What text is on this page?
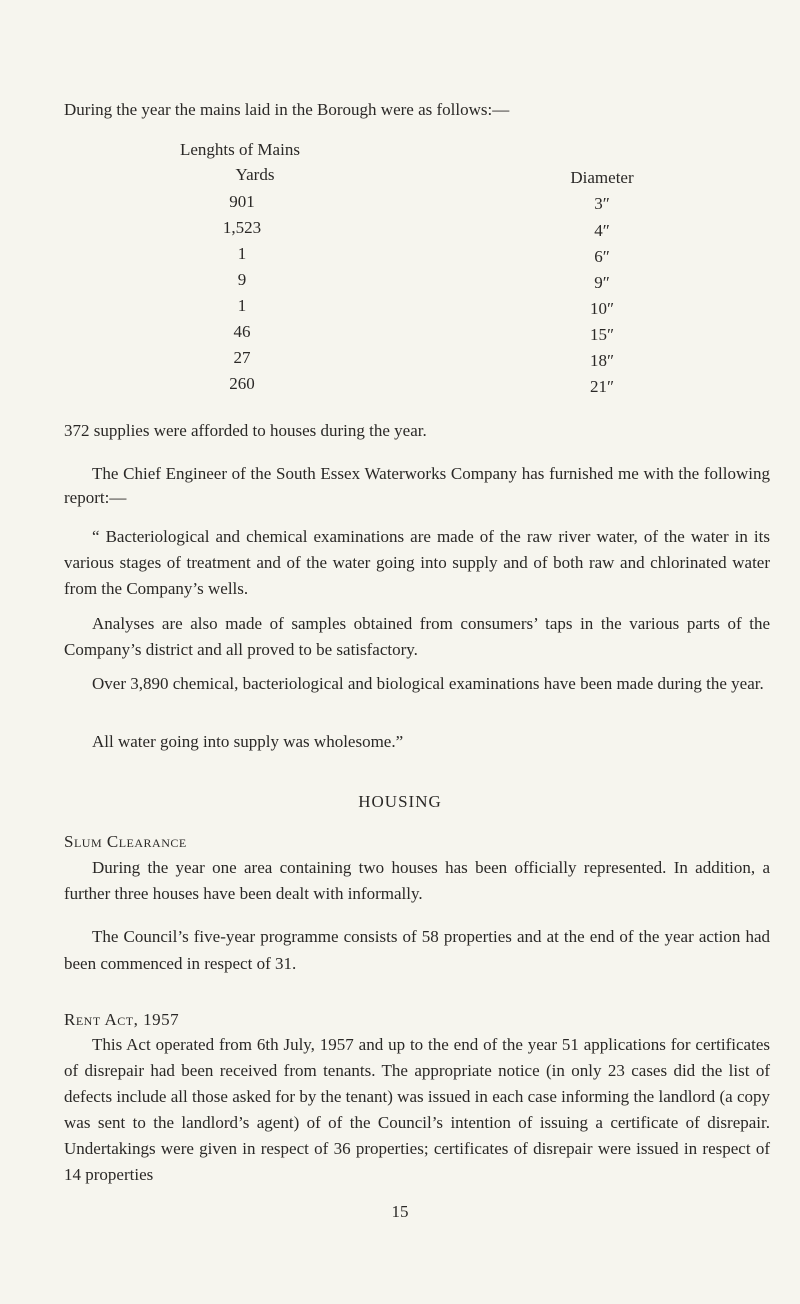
During the year the mains laid in the Borough were as follows:—

Lenghts of Mains
Yards	Diameter
901	3″
1,523	4″
1	6″
9	9″
1	10″
46	15″
27	18″
260	21″

372 supplies were afforded to houses during the year.

The Chief Engineer of the South Essex Waterworks Company has furnished me with the following report:—

“ Bacteriological and chemical examinations are made of the raw river water, of the water in its various stages of treatment and of the water going into supply and of both raw and chlorinated water from the Company’s wells.

Analyses are also made of samples obtained from consumers’ taps in the various parts of the Company’s district and all proved to be satisfactory.

Over 3,890 chemical, bacteriological and biological examinations have been made during the year.

All water going into supply was wholesome.”

HOUSING
Slum Clearance

During the year one area containing two houses has been officially represented. In addition, a further three houses have been dealt with informally.

The Council’s five-year programme consists of 58 properties and at the end of the year action had been commenced in respect of 31.

Rent Act, 1957

This Act operated from 6th July, 1957 and up to the end of the year 51 applications for certificates of disrepair had been received from tenants. The appropriate notice (in only 23 cases did the list of defects include all those asked for by the tenant) was issued in each case informing the landlord (a copy was sent to the landlord’s agent) of of the Council’s intention of issuing a certificate of disrepair. Undertakings were given in respect of 36 properties; certificates of disrepair were issued in respect of 14 properties

15
